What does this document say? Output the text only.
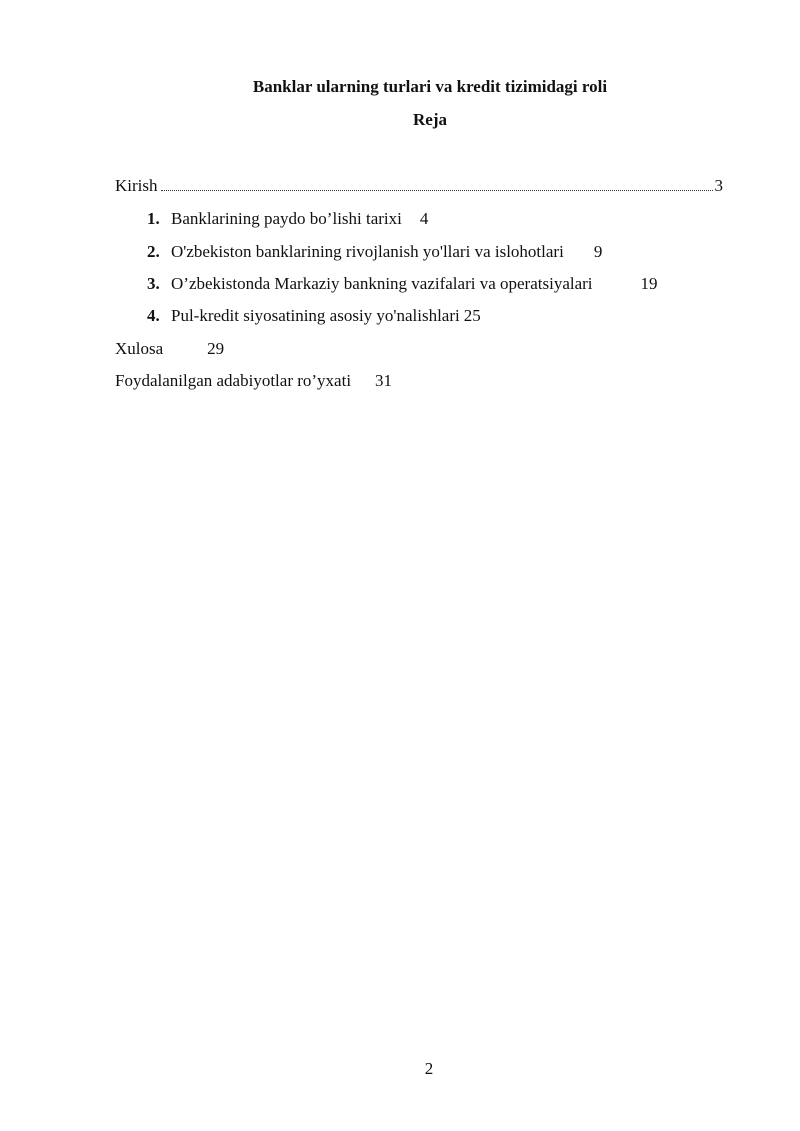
Banklar ularning turlari va kredit tizimidagi roli
Reja
Kirish	3
1. Banklarining paydo bo’lishi tarixi 4
2. O'zbekiston banklarining rivojlanish yo'llari va islohotlari 9
3. O’zbekistonda Markaziy bankning vazifalari va operatsiyalari	19
4. Pul-kredit siyosatining asosiy yo'nalishlari 25
Xulosa	29
Foydalanilgan adabiyotlar ro’yxati 31
2
